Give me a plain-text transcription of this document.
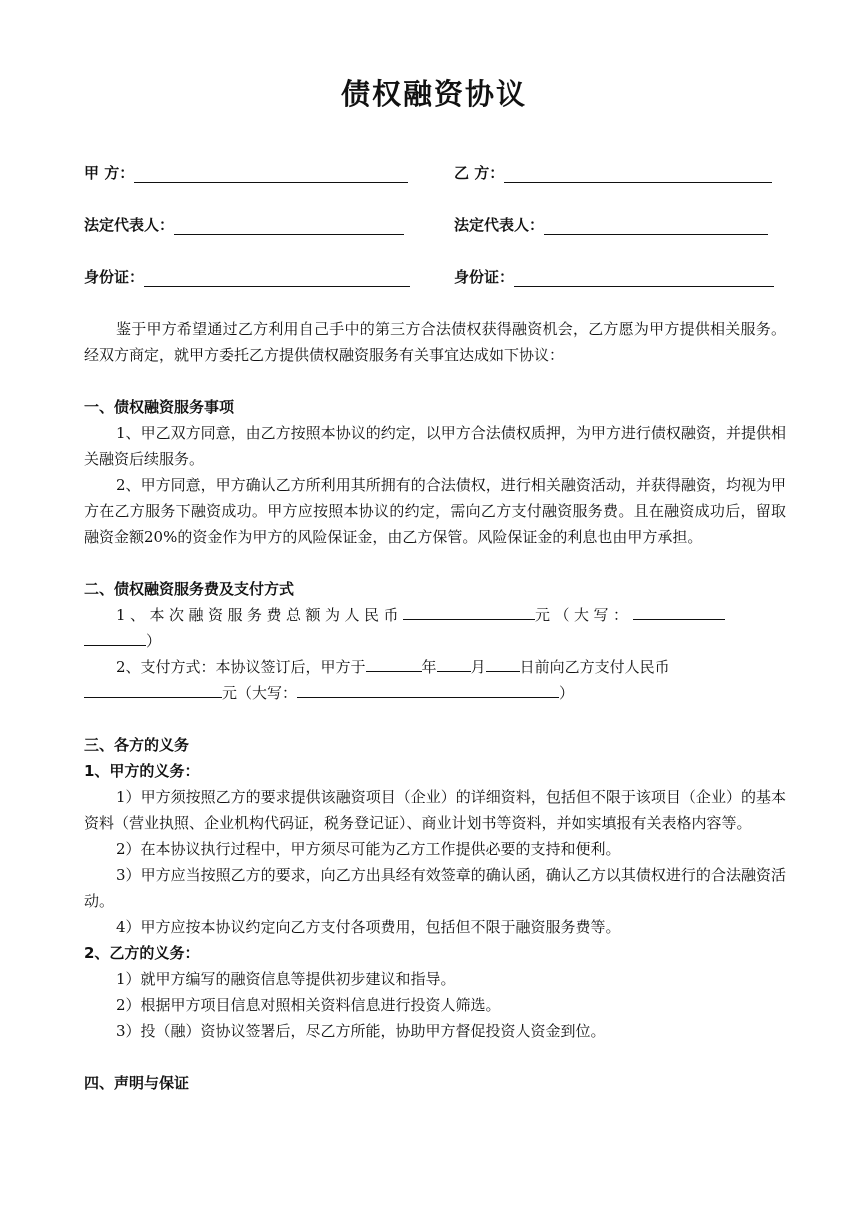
债权融资协议
甲 方：	乙 方：
法定代表人：	法定代表人：
身份证：	身份证：

鉴于甲方希望通过乙方利用自己手中的第三方合法债权获得融资机会，乙方愿为甲方提供相关服务。经双方商定，就甲方委托乙方提供债权融资服务有关事宜达成如下协议：

一、债权融资服务事项

1、甲乙双方同意，由乙方按照本协议的约定，以甲方合法债权质押，为甲方进行债权融资，并提供相关融资后续服务。

2、甲方同意，甲方确认乙方所利用其所拥有的合法债权，进行相关融资活动，并获得融资，均视为甲方在乙方服务下融资成功。甲方应按照本协议的约定，需向乙方支付融资服务费。且在融资成功后，留取融资金额20%的资金作为甲方的风险保证金，由乙方保管。风险保证金的利息也由甲方承担。

二、债权融资服务费及支付方式

1、本次融资服务费总额为人民币	元（大写：
）

2、支付方式：本协议签订后，甲方于	年 月 日前向乙方支付人民币
元（大写：	）

三、各方的义务
1、甲方的义务：

1）甲方须按照乙方的要求提供该融资项目（企业）的详细资料，包括但不限于该项目（企业）的基本资料（营业执照、企业机构代码证，税务登记证）、商业计划书等资料，并如实填报有关表格内容等。

2）在本协议执行过程中，甲方须尽可能为乙方工作提供必要的支持和便利。

3）甲方应当按照乙方的要求，向乙方出具经有效签章的确认函，确认乙方以其债权进行的合法融资活动。

4）甲方应按本协议约定向乙方支付各项费用，包括但不限于融资服务费等。

2、乙方的义务：

1）就甲方编写的融资信息等提供初步建议和指导。

2）根据甲方项目信息对照相关资料信息进行投资人筛选。

3）投（融）资协议签署后，尽乙方所能，协助甲方督促投资人资金到位。

四、声明与保证
